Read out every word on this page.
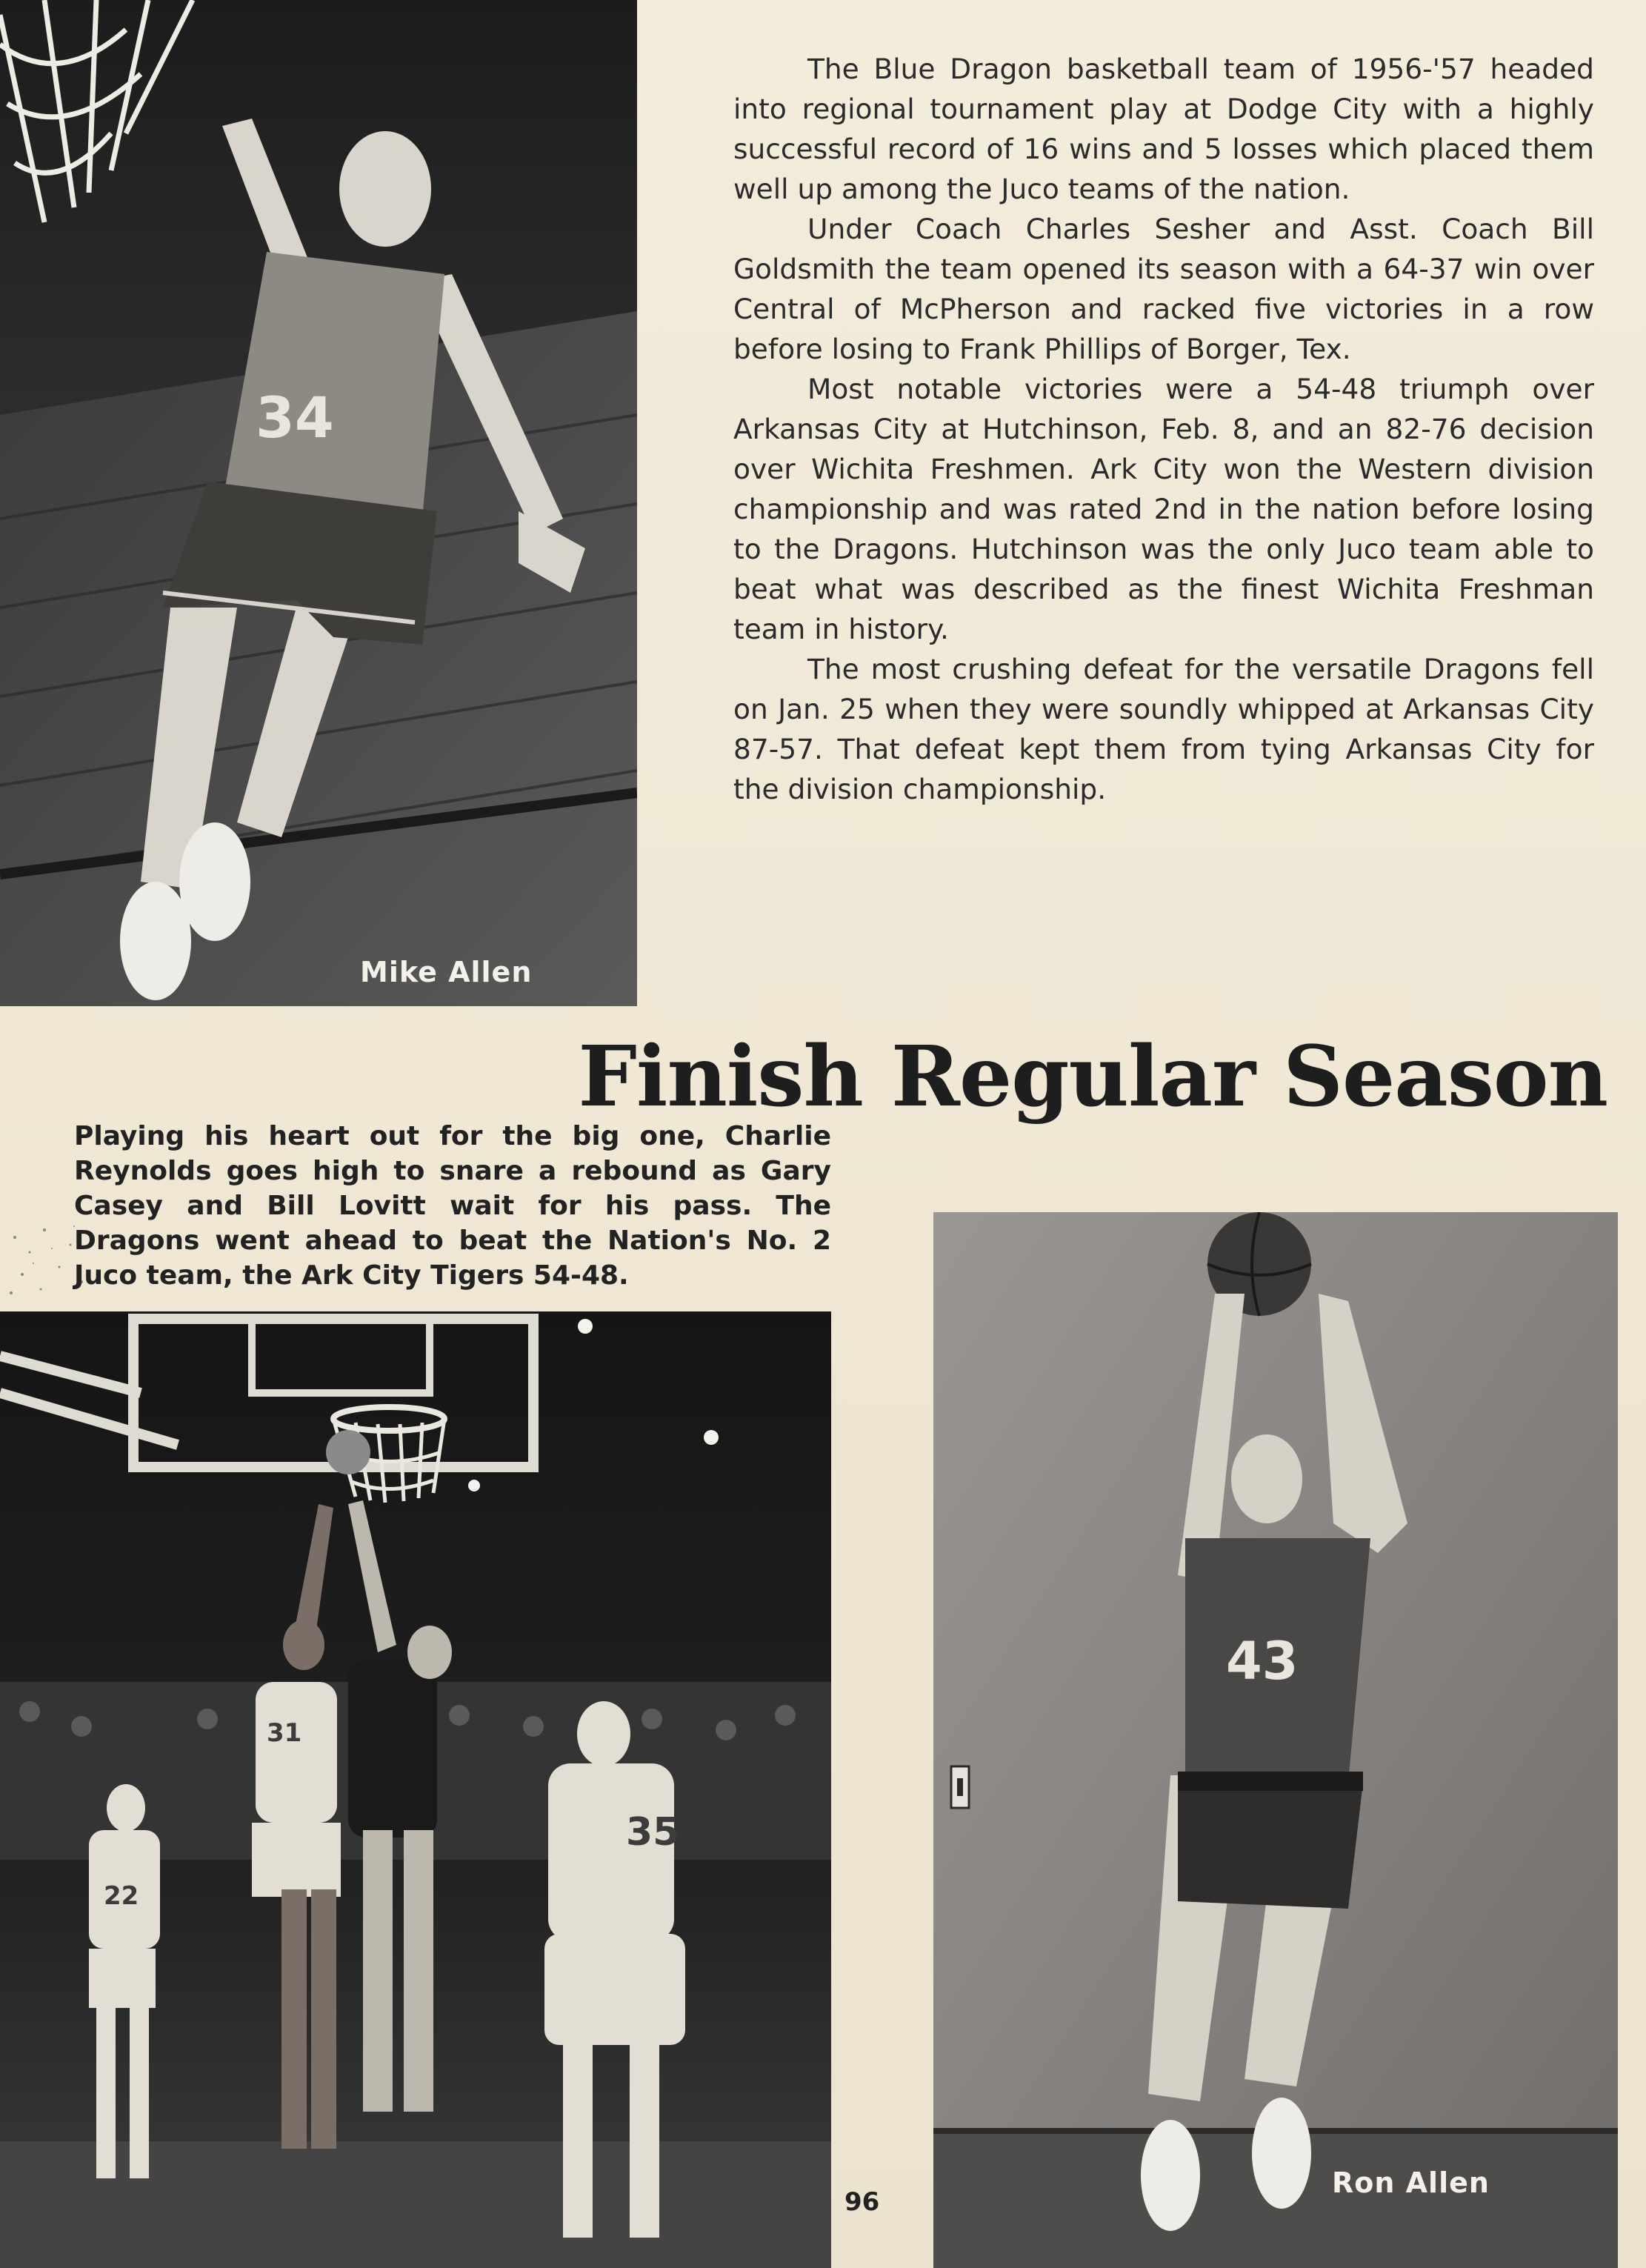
34
Mike Allen

The Blue Dragon basketball team of 1956-'57 headed into regional tournament play at Dodge City with a highly successful record of 16 wins and 5 losses which placed them well up among the Juco teams of the nation.

Under Coach Charles Sesher and Asst. Coach Bill Goldsmith the team opened its season with a 64-37 win over Central of McPherson and racked five victories in a row before losing to Frank Phillips of Borger, Tex.

Most notable victories were a 54-48 triumph over Arkansas City at Hutchinson, Feb. 8, and an 82-76 decision over Wichita Freshmen. Ark City won the Western division championship and was rated 2nd in the nation before losing to the Dragons. Hutchinson was the only Juco team able to beat what was described as the finest Wichita Freshman team in history.

The most crushing defeat for the versatile Dragons fell on Jan. 25 when they were soundly whipped at Arkansas City 87-57. That defeat kept them from tying Arkansas City for the division championship.

Finish Regular Season
Playing his heart out for the big one, Charlie Reynolds goes high to snare a rebound as Gary Casey and Bill Lovitt wait for his pass. The Dragons went ahead to beat the Nation's No. 2 Juco team, the Ark City Tigers 54-48.
22
31
35
43
Ron Allen
96
